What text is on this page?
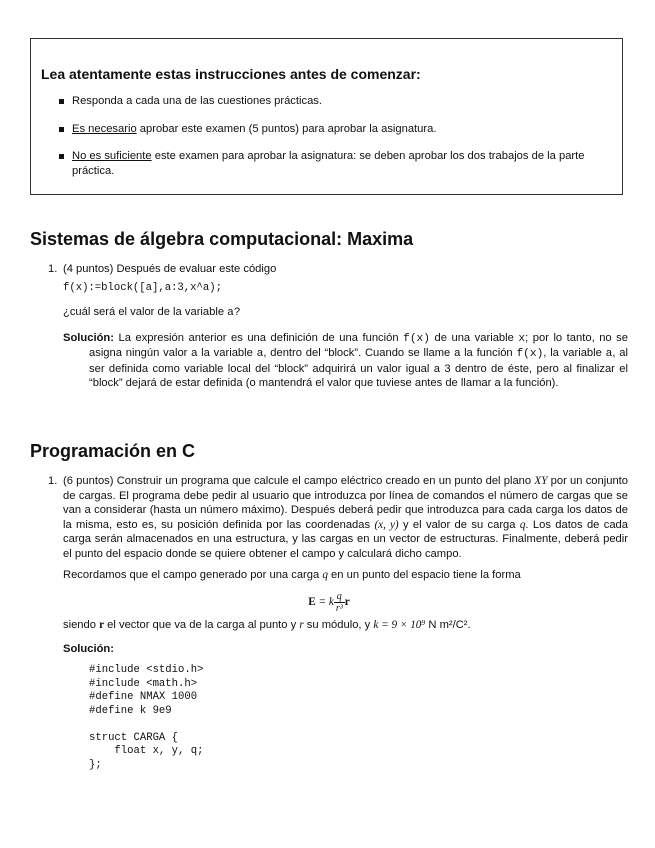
Lea atentamente estas instrucciones antes de comenzar:
Responda a cada una de las cuestiones prácticas.
Es necesario aprobar este examen (5 puntos) para aprobar la asignatura.
No es suficiente este examen para aprobar la asignatura: se deben aprobar los dos trabajos de la parte práctica.
Sistemas de álgebra computacional: Maxima
1. (4 puntos) Después de evaluar este código

f(x):=block([a],a:3,x^a);

¿cuál será el valor de la variable a?

Solución: La expresión anterior es una definición de una función f(x) de una variable x; por lo tanto, no se asigna ningún valor a la variable a, dentro del “block”. Cuando se llame a la función f(x), la variable a, al ser definida como variable local del “block” adquirirá un valor igual a 3 dentro de éste, pero al finalizar el “block” dejará de estar definida (o mantendrá el valor que tuviese antes de llamar a la función).

Programación en C
1. (6 puntos) Construir un programa que calcule el campo eléctrico creado en un punto del plano XY por un conjunto de cargas. El programa debe pedir al usuario que introduzca por línea de comandos el número de cargas que se van a considerar (hasta un número máximo). Después deberá pedir que introduzca para cada carga los datos de la misma, esto es, su posición definida por las coordenadas (x, y) y el valor de su carga q. Los datos de cada carga serán almacenados en una estructura, y las cargas en un vector de estructuras. Finalmente, deberá pedir el punto del espacio donde se quiere obtener el campo y calculará dicho campo.

Recordamos que el campo generado por una carga q en un punto del espacio tiene la forma

E = k $\frac{q}{\text{r³}}$ r

siendo r el vector que va de la carga al punto y r su módulo, y k = 9 × 10⁹ N m²/C².

Solución:

#include <stdio.h>
#include <math.h>
#define NMAX 1000
#define k 9e9

struct CARGA {
float x, y, q;
};
